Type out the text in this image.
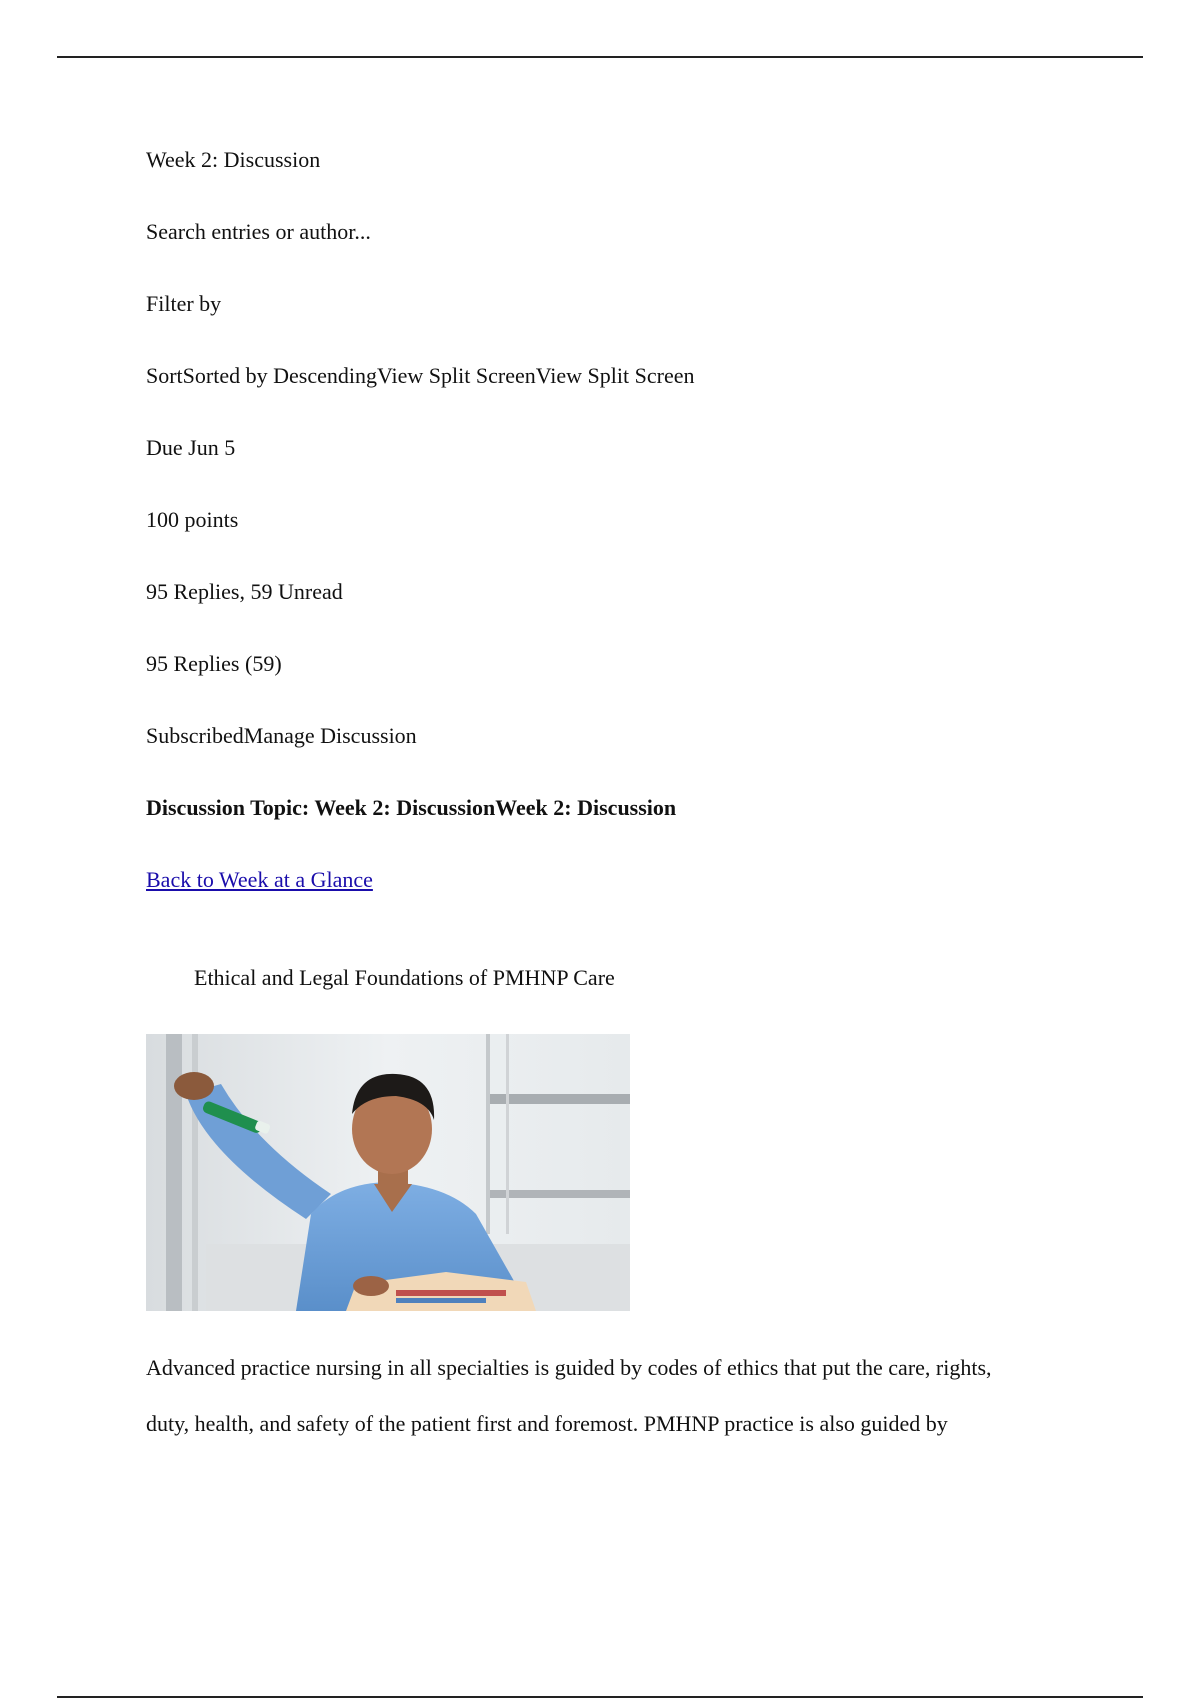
Week 2: Discussion
Search entries or author...
Filter by
SortSorted by DescendingView Split ScreenView Split Screen
Due Jun 5
100 points
95 Replies, 59 Unread
95 Replies (59)
SubscribedManage Discussion
Discussion Topic: Week 2: DiscussionWeek 2: Discussion
Back to Week at a Glance
Ethical and Legal Foundations of PMHNP Care
Advanced practice nursing in all specialties is guided by codes of ethics that put the care, rights,
duty, health, and safety of the patient first and foremost. PMHNP practice is also guided by
